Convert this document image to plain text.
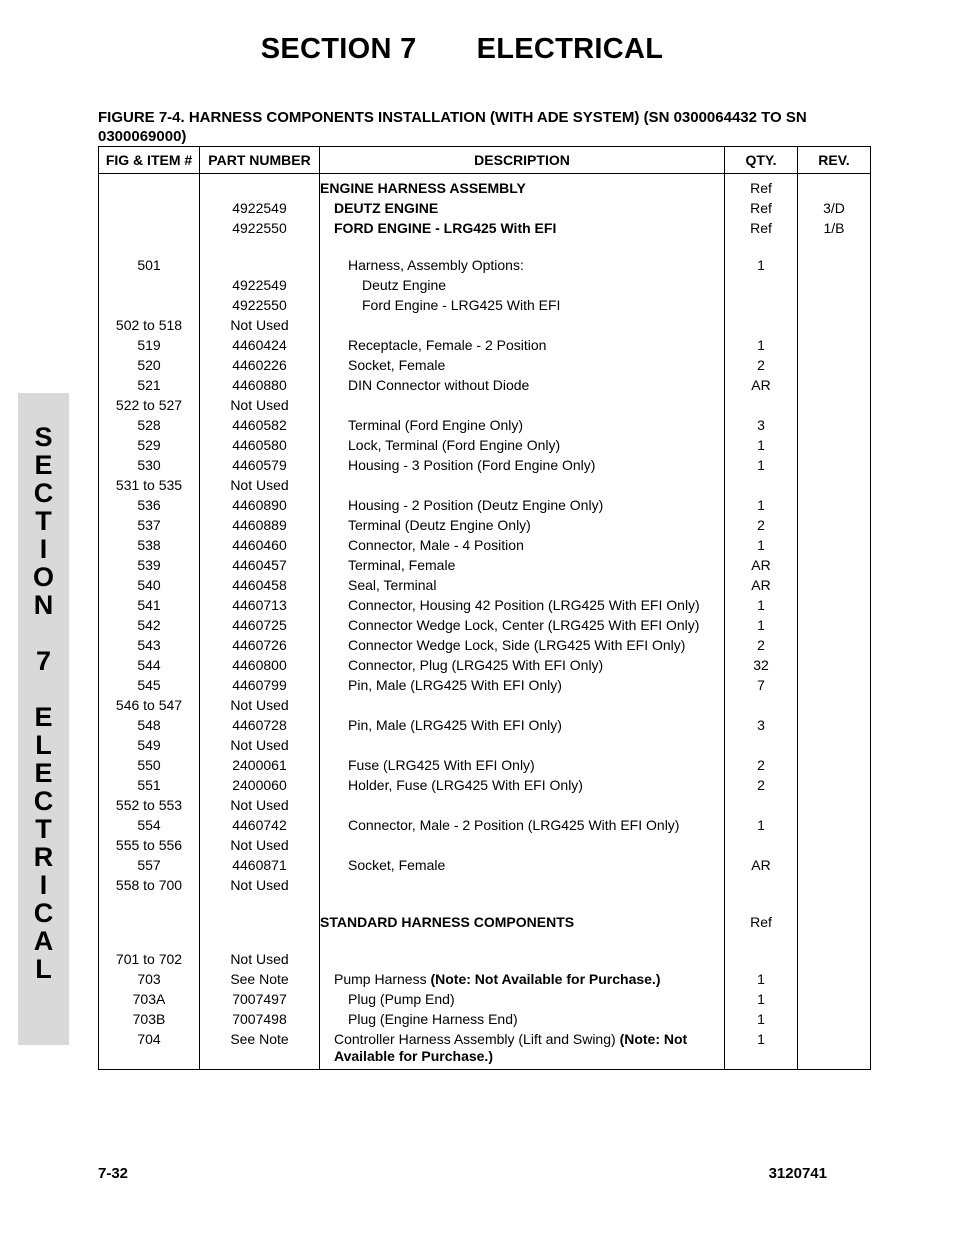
SECTION 7 ELECTRICAL
FIGURE 7-4. HARNESS COMPONENTS INSTALLATION (WITH ADE SYSTEM) (SN 0300064432 TO SN 0300069000)
S
E
C
T
I
O
N
7
E
L
E
C
T
R
I
C
A
L
FIG & ITEM #	PART NUMBER	DESCRIPTION	QTY.	REV.
		ENGINE HARNESS ASSEMBLY	Ref	
	4922549	DEUTZ ENGINE	Ref	3/D
	4922550	FORD ENGINE - LRG425 With EFI	Ref	1/B

501		Harness, Assembly Options:	1	
	4922549	Deutz Engine		
	4922550	Ford Engine - LRG425 With EFI		
502 to 518	Not Used			
519	4460424	Receptacle, Female - 2 Position	1	
520	4460226	Socket, Female	2	
521	4460880	DIN Connector without Diode	AR	
522 to 527	Not Used			
528	4460582	Terminal (Ford Engine Only)	3	
529	4460580	Lock, Terminal (Ford Engine Only)	1	
530	4460579	Housing - 3 Position (Ford Engine Only)	1	
531 to 535	Not Used			
536	4460890	Housing - 2 Position (Deutz Engine Only)	1	
537	4460889	Terminal (Deutz Engine Only)	2	
538	4460460	Connector, Male - 4 Position	1	
539	4460457	Terminal, Female	AR	
540	4460458	Seal, Terminal	AR	
541	4460713	Connector, Housing 42 Position (LRG425 With EFI Only)	1	
542	4460725	Connector Wedge Lock, Center (LRG425 With EFI Only)	1	
543	4460726	Connector Wedge Lock, Side (LRG425 With EFI Only)	2	
544	4460800	Connector, Plug (LRG425 With EFI Only)	32	
545	4460799	Pin, Male (LRG425 With EFI Only)	7	
546 to 547	Not Used			
548	4460728	Pin, Male (LRG425 With EFI Only)	3	
549	Not Used			
550	2400061	Fuse (LRG425 With EFI Only)	2	
551	2400060	Holder, Fuse (LRG425 With EFI Only)	2	
552 to 553	Not Used			
554	4460742	Connector, Male - 2 Position (LRG425 With EFI Only)	1	
555 to 556	Not Used			
557	4460871	Socket, Female	AR	
558 to 700	Not Used			

		STANDARD HARNESS COMPONENTS	Ref	

701 to 702	Not Used			
703	See Note	Pump Harness (Note: Not Available for Purchase.)	1	
703A	7007497	Plug (Pump End)	1	
703B	7007498	Plug (Engine Harness End)	1	
704	See Note	Controller Harness Assembly (Lift and Swing) (Note: Not Available for Purchase.)	1	
7-32	3120741
